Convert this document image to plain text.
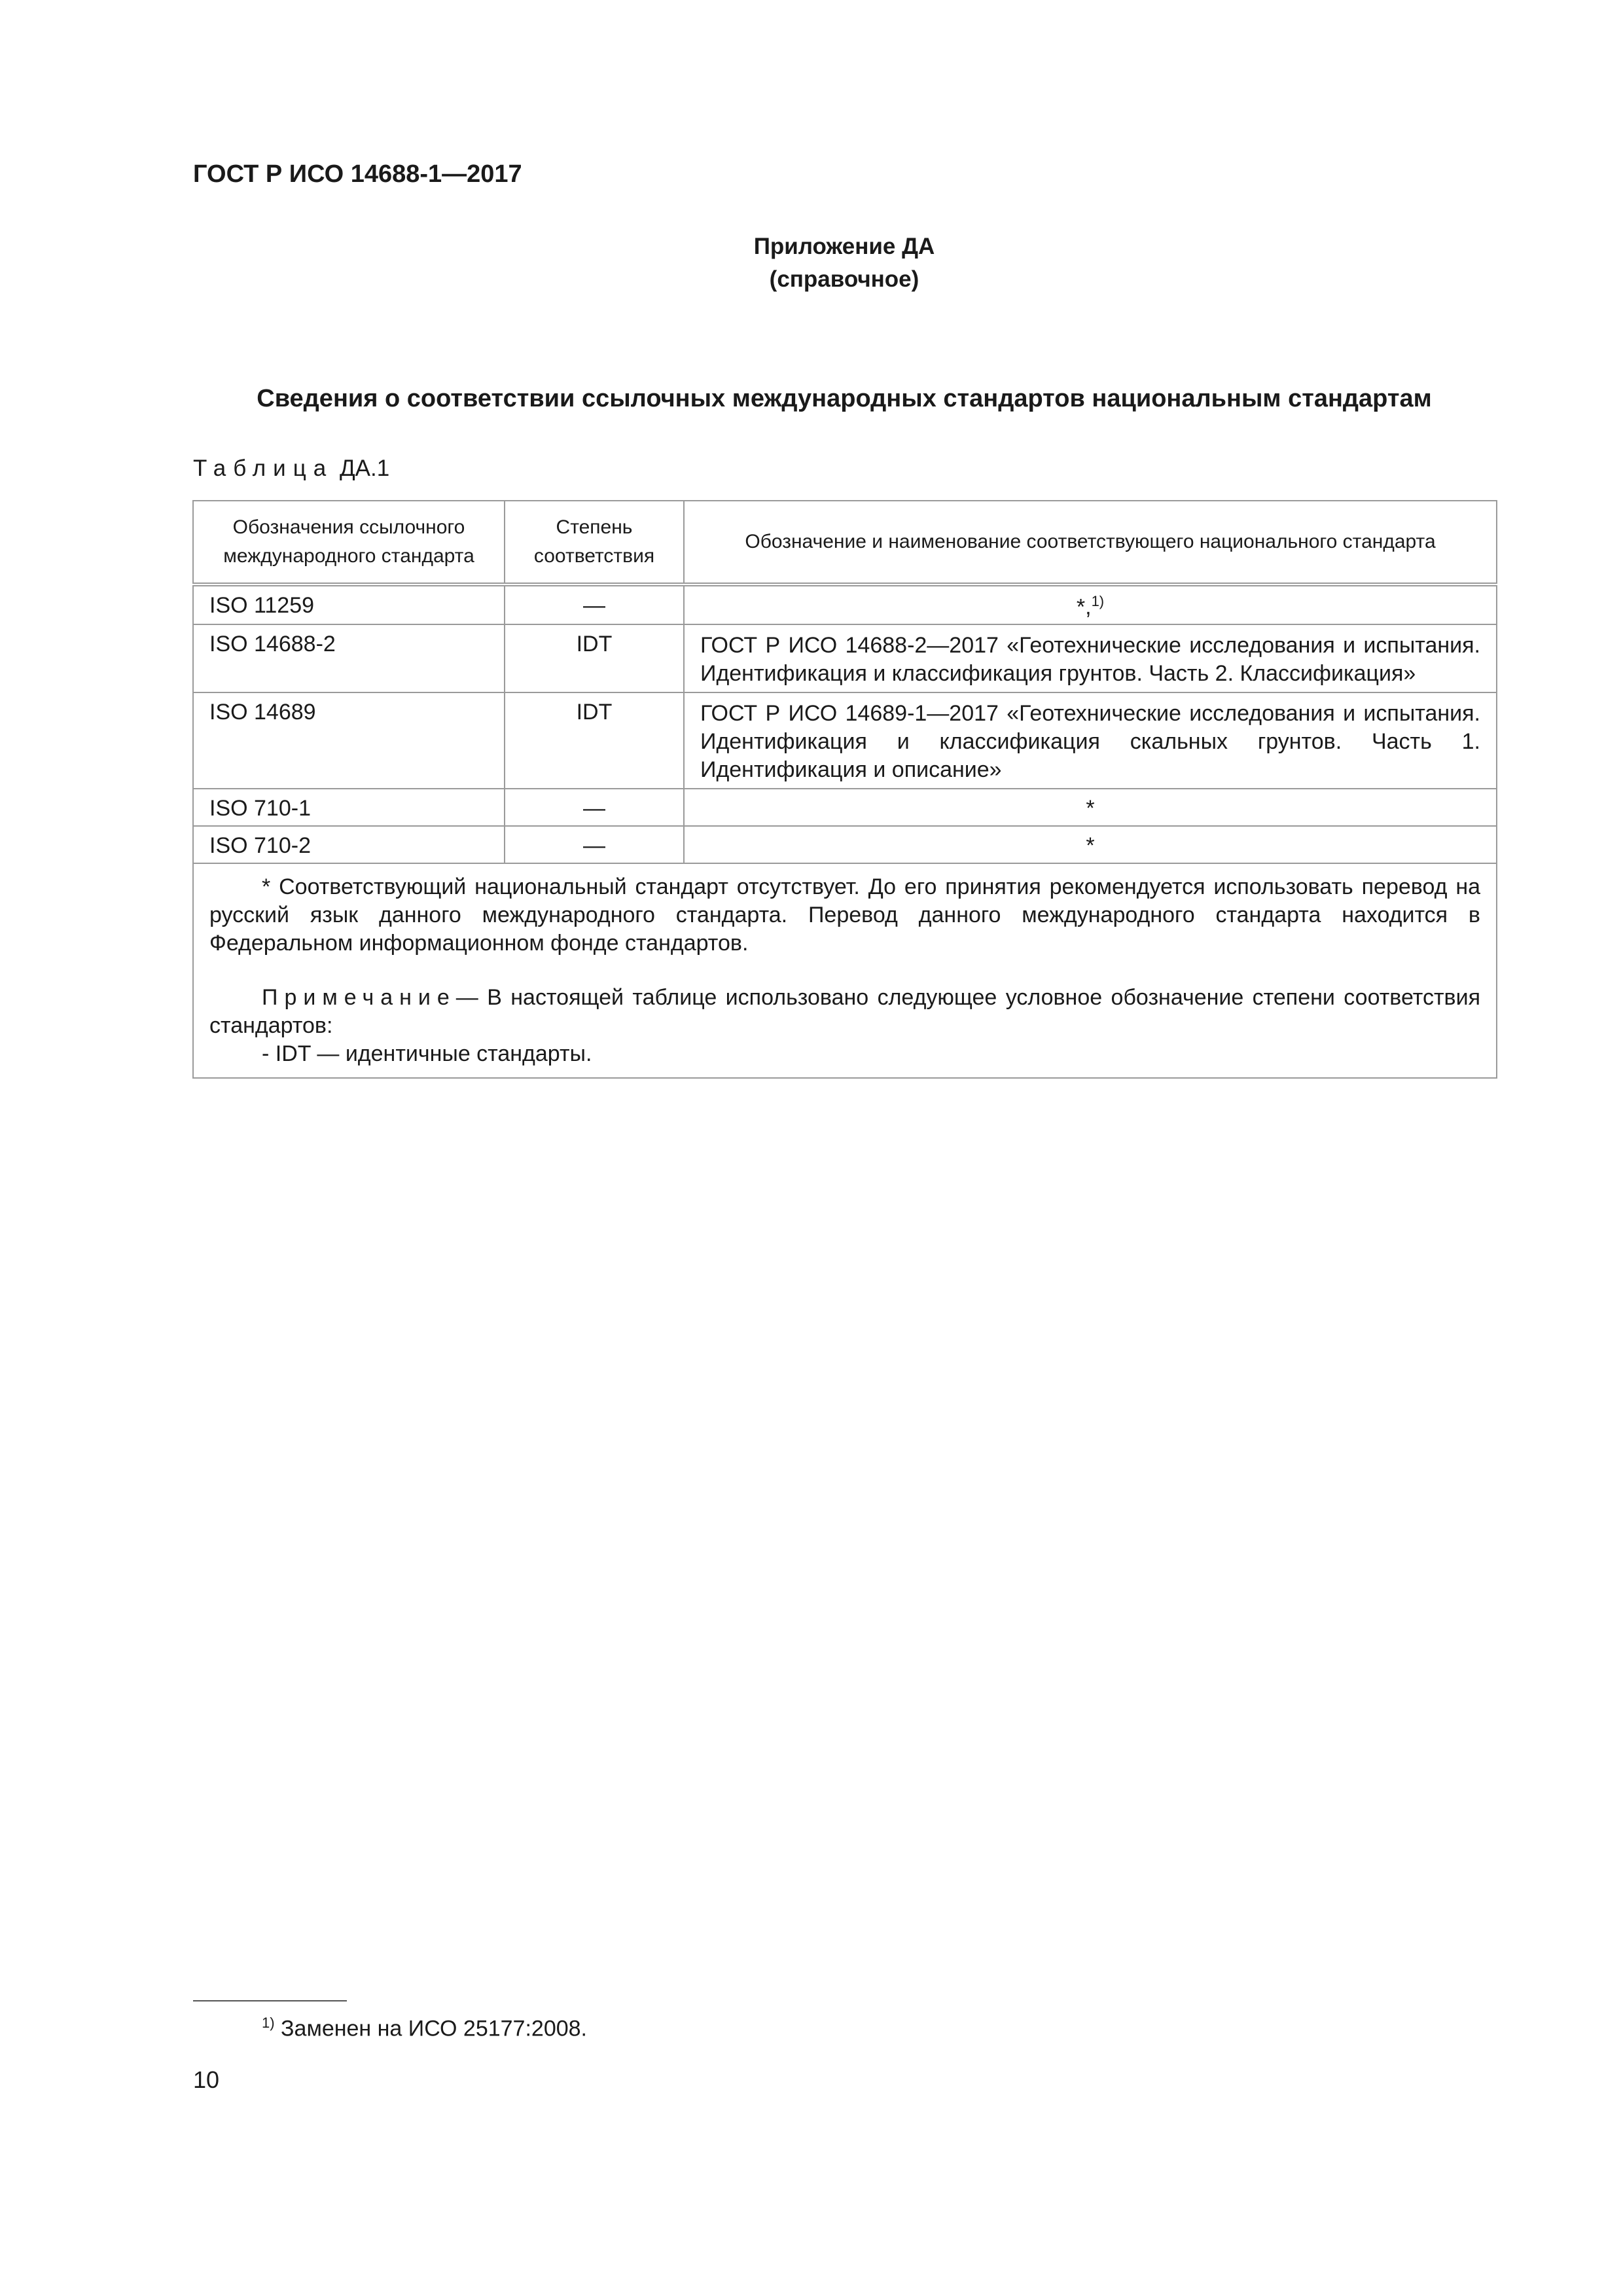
ГОСТ Р ИСО 14688-1—2017
Приложение ДА
(справочное)
Сведения о соответствии ссылочных международных стандартов национальным стандартам
Таблица ДА.1
Обозначения ссылочного международного стандарта	Степень соответствия	Обозначение и наименование соответствующего национального стандарта
ISO 11259	—	*,$^{1)}$
ISO 14688-2	IDT	ГОСТ Р ИСО 14688-2—2017 «Геотехнические исследования и испытания. Идентификация и классификация грунтов. Часть 2. Классификация»
ISO 14689	IDT	ГОСТ Р ИСО 14689-1—2017 «Геотехнические исследования и испытания. Идентификация и классификация скальных грунтов. Часть 1. Идентификация и описание»
ISO 710-1	—	*
ISO 710-2	—	*

* Соответствующий национальный стандарт отсутствует. До его принятия рекомендуется использовать перевод на русский язык данного международного стандарта. Перевод данного международного стандарта находится в Федеральном информационном фонде стандартов.

Примечание— В настоящей таблице использовано следующее условное обозначение степени соответствия стандартов:

- IDT — идентичные стандарты.		

$^{1)}$ Заменен на ИСО 25177:2008.
10
